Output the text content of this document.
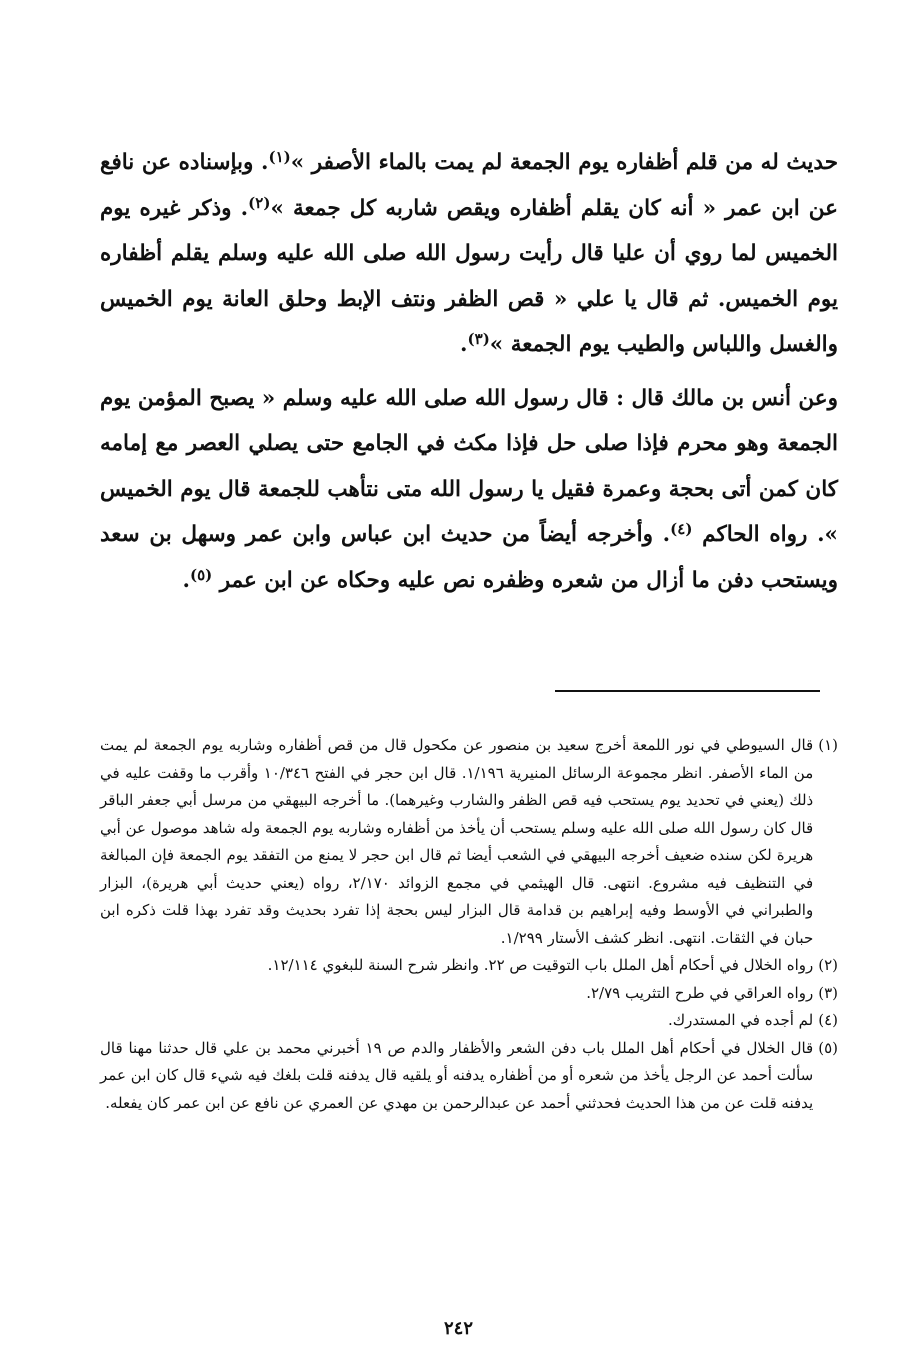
حديث له من قلم أظفاره يوم الجمعة لم يمت بالماء الأصفر »$^{(١)}$. وبإسناده عن نافع عن ابن عمر « أنه كان يقلم أظفاره ويقص شاربه كل جمعة »$^{(٢)}$. وذكر غيره يوم الخميس لما روي أن عليا قال رأيت رسول الله صلى الله عليه وسلم يقلم أظفاره يوم الخميس. ثم قال يا علي « قص الظفر ونتف الإبط وحلق العانة يوم الخميس والغسل واللباس والطيب يوم الجمعة »$^{(٣)}$.

وعن أنس بن مالك قال : قال رسول الله صلى الله عليه وسلم « يصبح المؤمن يوم الجمعة وهو محرم فإذا صلى حل فإذا مكث في الجامع حتى يصلي العصر مع إمامه كان كمن أتى بحجة وعمرة فقيل يا رسول الله متى نتأهب للجمعة قال يوم الخميس ». رواه الحاكم $^{(٤)}$. وأخرجه أيضاً من حديث ابن عباس وابن عمر وسهل بن سعد ويستحب دفن ما أزال من شعره وظفره نص عليه وحكاه عن ابن عمر $^{(٥)}$.

(١)
قال السيوطي في نور اللمعة أخرج سعيد بن منصور عن مكحول قال من قص أظفاره وشاربه يوم الجمعة لم يمت من الماء الأصفر. انظر مجموعة الرسائل المنيرية ١/١٩٦. قال ابن حجر في الفتح ١٠/٣٤٦ وأقرب ما وقفت عليه في ذلك (يعني في تحديد يوم يستحب فيه قص الظفر والشارب وغيرهما). ما أخرجه البيهقي من مرسل أبي جعفر الباقر قال كان رسول الله صلى الله عليه وسلم يستحب أن يأخذ من أظفاره وشاربه يوم الجمعة وله شاهد موصول عن أبي هريرة لكن سنده ضعيف أخرجه البيهقي في الشعب أيضا ثم قال ابن حجر لا يمنع من التفقد يوم الجمعة فإن المبالغة في التنظيف فيه مشروع. انتهى. قال الهيثمي في مجمع الزوائد ٢/١٧٠، رواه (يعني حديث أبي هريرة)، البزار والطبراني في الأوسط وفيه إبراهيم بن قدامة قال البزار ليس بحجة إذا تفرد بحديث وقد تفرد بهذا قلت ذكره ابن حبان في الثقات. انتهى. انظر كشف الأستار ١/٢٩٩.
(٢)
رواه الخلال في أحكام أهل الملل باب التوقيت ص ٢٢. وانظر شرح السنة للبغوي ١٢/١١٤.
(٣)
رواه العراقي في طرح التثريب ٢/٧٩.
(٤)
لم أجده في المستدرك.
(٥)
قال الخلال في أحكام أهل الملل باب دفن الشعر والأظفار والدم ص ١٩ أخبرني محمد بن علي قال حدثنا مهنا قال سألت أحمد عن الرجل يأخذ من شعره أو من أظفاره يدفنه أو يلقيه قال يدفنه قلت بلغك فيه شيء قال كان ابن عمر يدفنه قلت عن من هذا الحديث فحدثني أحمد عن عبدالرحمن بن مهدي عن العمري عن نافع عن ابن عمر كان يفعله.
٢٤٢
